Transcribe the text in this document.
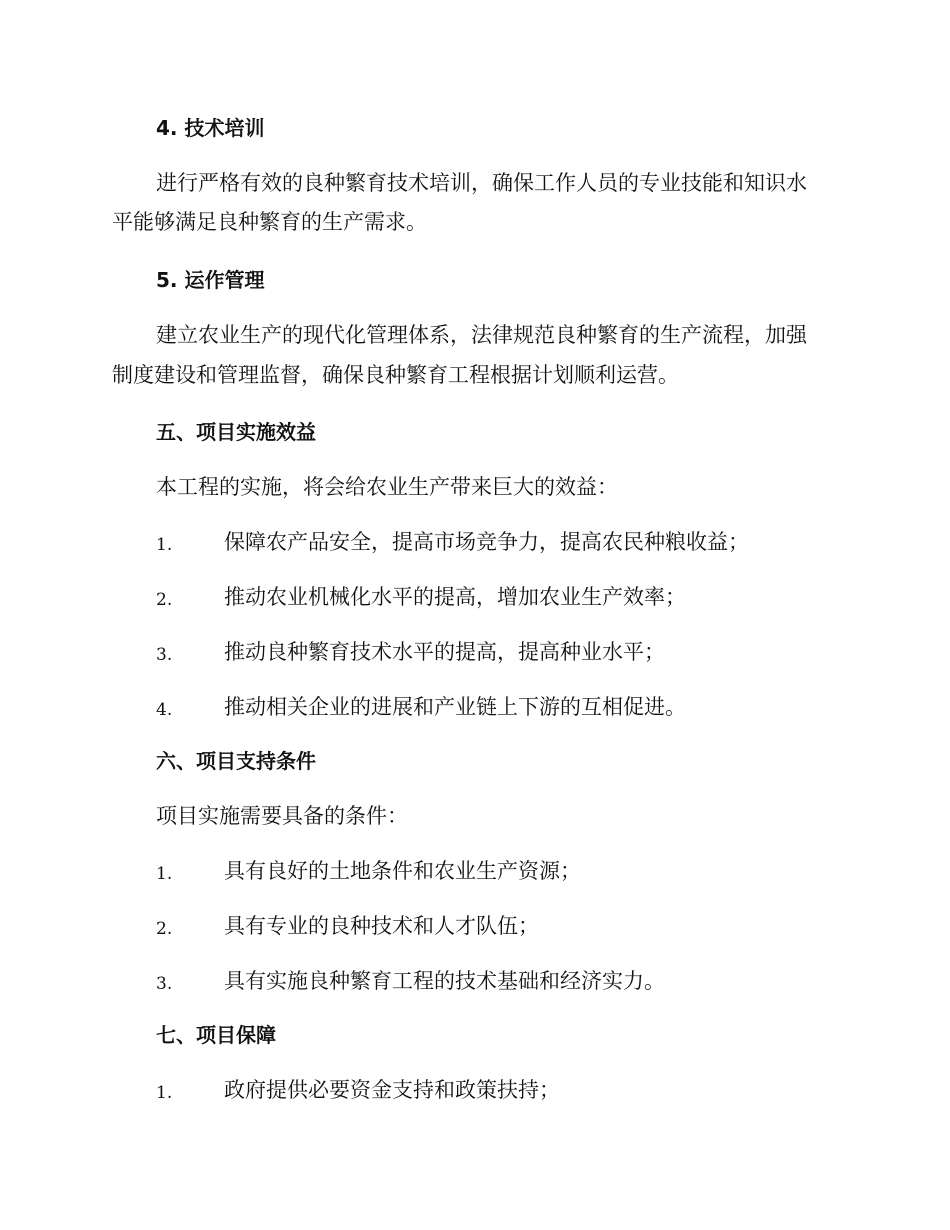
4. 技术培训
进行严格有效的良种繁育技术培训，确保工作人员的专业技能和知识水
平能够满足良种繁育的生产需求。
5. 运作管理
建立农业生产的现代化管理体系，法律规范良种繁育的生产流程，加强
制度建设和管理监督，确保良种繁育工程根据计划顺利运营。
五、项目实施效益
本工程的实施，将会给农业生产带来巨大的效益：
1. 保障农产品安全，提高市场竞争力，提高农民种粮收益；
2. 推动农业机械化水平的提高，增加农业生产效率；
3. 推动良种繁育技术水平的提高，提高种业水平；
4. 推动相关企业的进展和产业链上下游的互相促进。
六、项目支持条件
项目实施需要具备的条件：
1. 具有良好的土地条件和农业生产资源；
2. 具有专业的良种技术和人才队伍；
3. 具有实施良种繁育工程的技术基础和经济实力。
七、项目保障
1. 政府提供必要资金支持和政策扶持；
